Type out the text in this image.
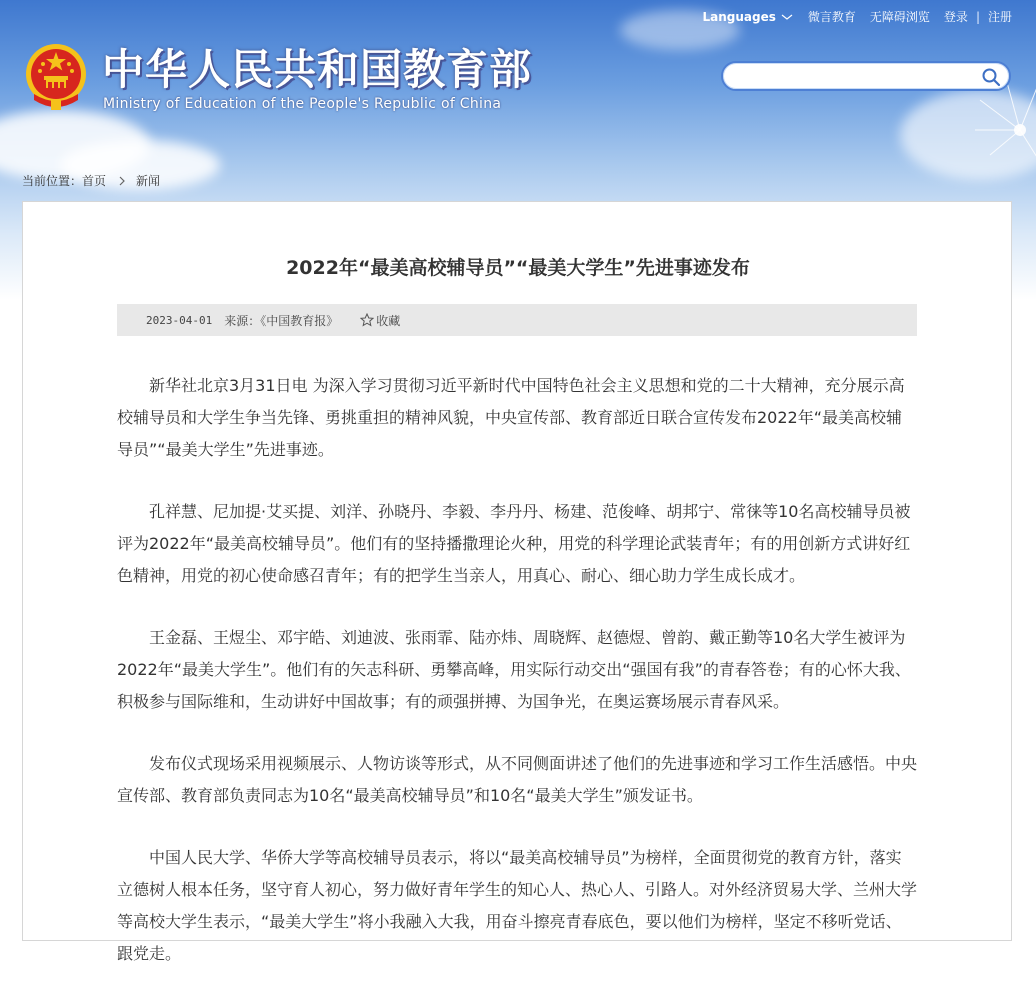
Languages	微言教育 无障碍浏览 登录 | 注册
中华人民共和国教育部
Ministry of Education of the People's Republic of China
当前位置： 首页	新闻
2022年“最美高校辅导员”“最美大学生”先进事迹发布
2023-04-01 来源：《中国教育报》	收藏

新华社北京3月31日电 为深入学习贯彻习近平新时代中国特色社会主义思想和党的二十大精神，充分展示高校辅导员和大学生争当先锋、勇挑重担的精神风貌，中央宣传部、教育部近日联合宣传发布2022年“最美高校辅导员”“最美大学生”先进事迹。

孔祥慧、尼加提·艾买提、刘洋、孙晓丹、李毅、李丹丹、杨建、范俊峰、胡邦宁、常徕等10名高校辅导员被评为2022年“最美高校辅导员”。他们有的坚持播撒理论火种，用党的科学理论武装青年；有的用创新方式讲好红色精神，用党的初心使命感召青年；有的把学生当亲人，用真心、耐心、细心助力学生成长成才。

王金磊、王煜尘、邓宇皓、刘迪波、张雨霏、陆亦炜、周晓辉、赵德煜、曾韵、戴正勤等10名大学生被评为2022年“最美大学生”。他们有的矢志科研、勇攀高峰，用实际行动交出“强国有我”的青春答卷；有的心怀大我、积极参与国际维和，生动讲好中国故事；有的顽强拼搏、为国争光，在奥运赛场展示青春风采。

发布仪式现场采用视频展示、人物访谈等形式，从不同侧面讲述了他们的先进事迹和学习工作生活感悟。中央宣传部、教育部负责同志为10名“最美高校辅导员”和10名“最美大学生”颁发证书。

中国人民大学、华侨大学等高校辅导员表示，将以“最美高校辅导员”为榜样，全面贯彻党的教育方针，落实立德树人根本任务，坚守育人初心，努力做好青年学生的知心人、热心人、引路人。对外经济贸易大学、兰州大学等高校大学生表示，“最美大学生”将小我融入大我，用奋斗擦亮青春底色，要以他们为榜样，坚定不移听党话、跟党走。
